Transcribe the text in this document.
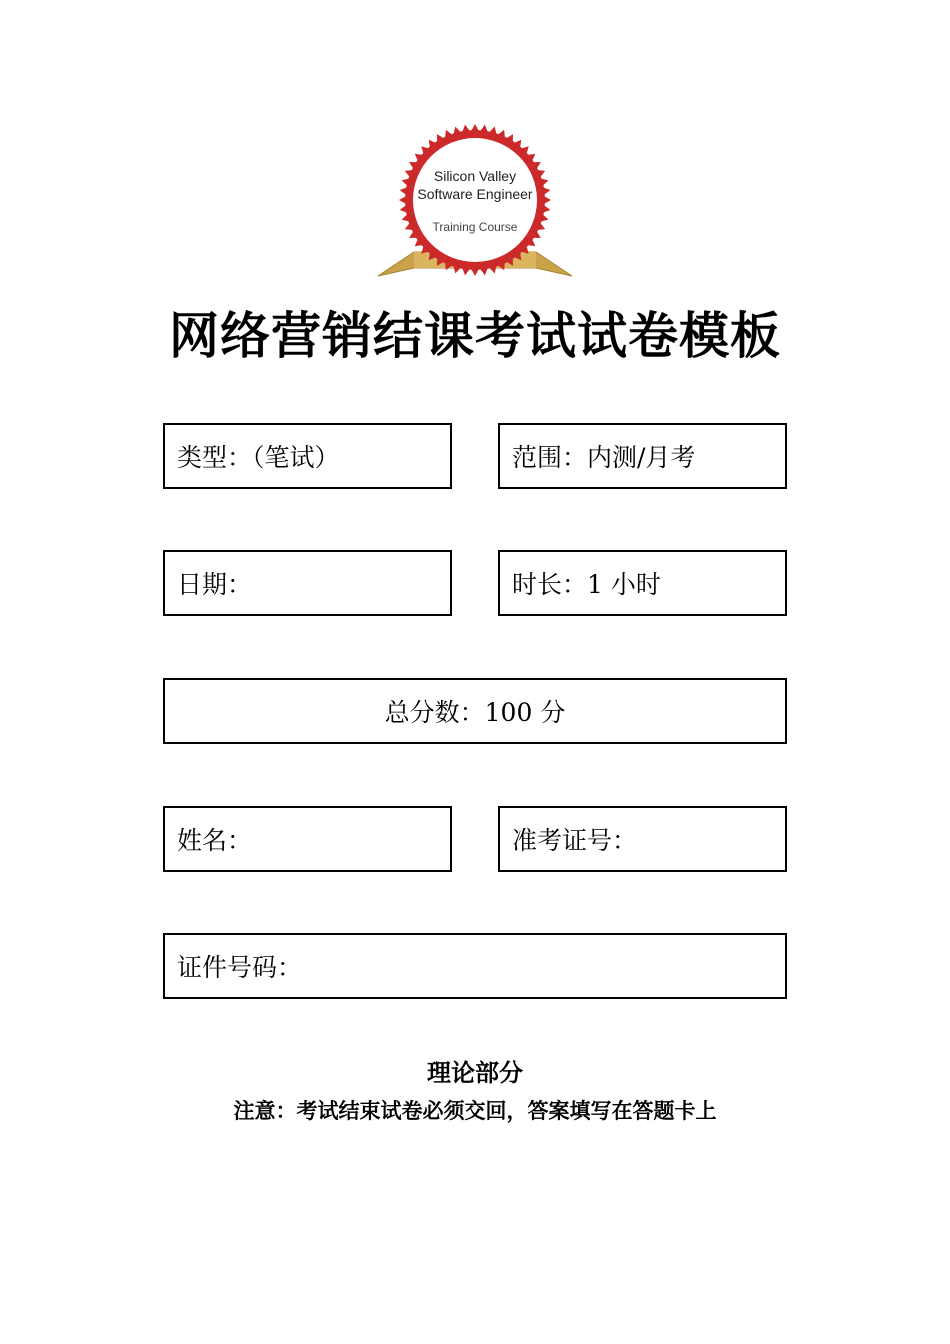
Silicon Valley
Software Engineer
Training Course
网络营销结课考试试卷模板
类型：（笔试）	范围：内测/月考
日期：	时长：1 小时
总分数：100 分
姓名：	准考证号：
证件号码：
理论部分
注意：考试结束试卷必须交回，答案填写在答题卡上
